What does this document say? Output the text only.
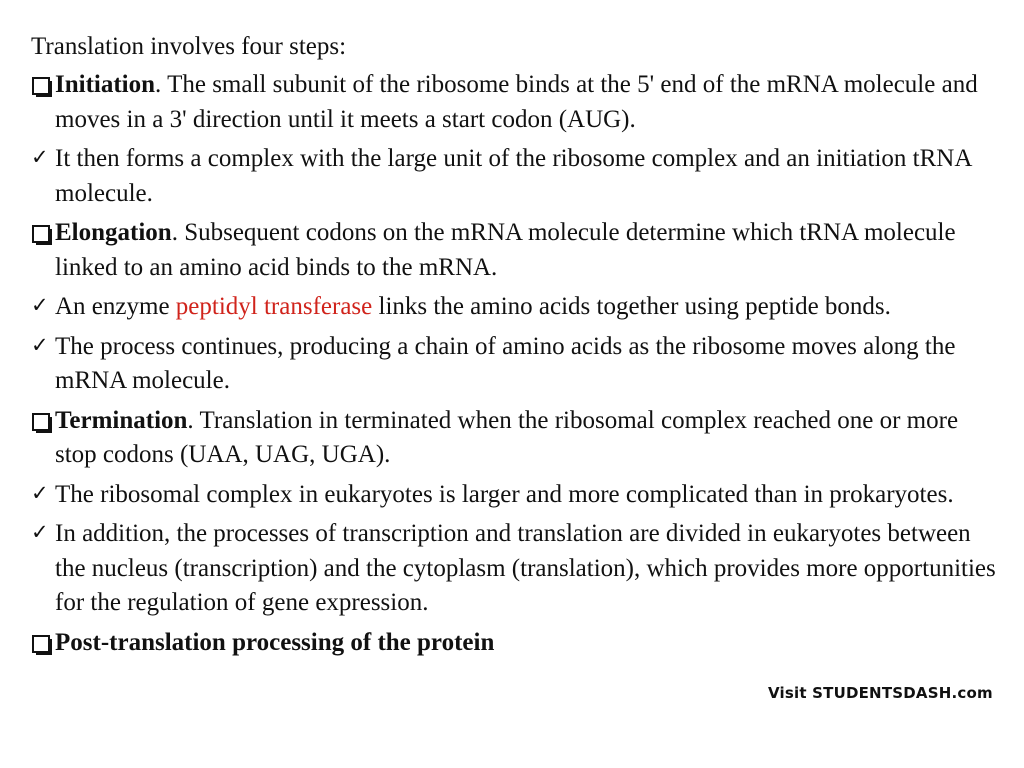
Translation involves four steps:
Initiation. The small subunit of the ribosome binds at the 5' end of the mRNA molecule and moves in a 3' direction until it meets a start codon (AUG).
✓ It then forms a complex with the large unit of the ribosome complex and an initiation tRNA molecule.
Elongation. Subsequent codons on the mRNA molecule determine which tRNA molecule linked to an amino acid binds to the mRNA.
✓ An enzyme peptidyl transferase links the amino acids together using peptide bonds.
✓ The process continues, producing a chain of amino acids as the ribosome moves along the mRNA molecule.
Termination. Translation in terminated when the ribosomal complex reached one or more stop codons (UAA, UAG, UGA).
✓ The ribosomal complex in eukaryotes is larger and more complicated than in prokaryotes.
✓ In addition, the processes of transcription and translation are divided in eukaryotes between the nucleus (transcription) and the cytoplasm (translation), which provides more opportunities for the regulation of gene expression.
Post-translation processing of the protein
Visit STUDENTSDASH.com
